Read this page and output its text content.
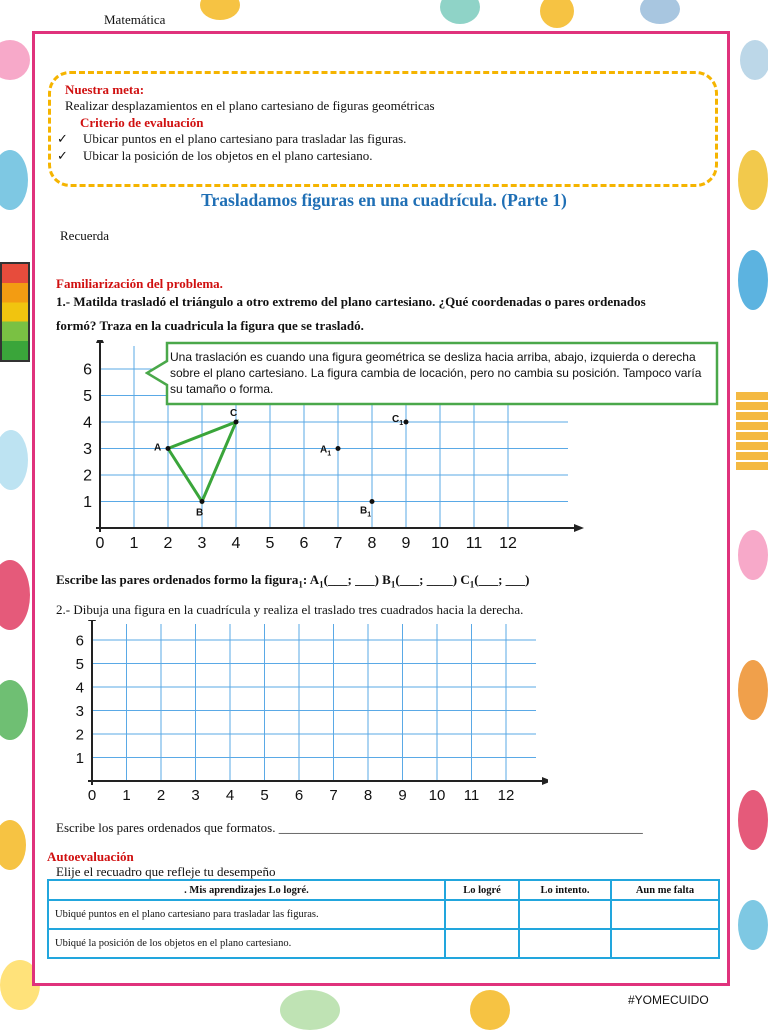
Matemática
Nuestra meta:
Realizar desplazamientos en el plano cartesiano de figuras geométricas
Criterio de evaluación
✓ Ubicar puntos en el plano cartesiano para trasladar las figuras.
✓ Ubicar la posición de los objetos en el plano cartesiano.
Trasladamos figuras en una cuadrícula. (Parte 1)
Recuerda
Familiarización del problema.
1.- Matilda trasladó el triángulo a otro extremo del plano cartesiano. ¿Qué coordenadas o pares ordenados
formó? Traza en la cuadricula la figura que se trasladó.
0 1 2 3 4 5 6 7 8 9 10 11 12
1
2
3
4
5
6
A
B
C
$A_1$
$B_1$
$C_1$
Una traslación es cuando una figura geométrica se desliza hacia arriba, abajo, izquierda o derecha sobre el plano cartesiano. La figura cambia de locación, pero no cambia su posición. Tampoco varía su tamaño o forma.
Escribe las pares ordenados formo la figura$_1$: $A_1(\_\_\_$; ___) $B_1(\_\_\_$; ____) $C_1(\_\_\_$; ___)
2.- Dibuja una figura en la cuadrícula y realiza el traslado tres cuadrados hacia la derecha.
0 1 2 3 4 5 6 7 8 9 10 11 12
1
2
3
4
5
6
Escribe los pares ordenados que formatos. ________________________________________________________
Autoevaluación
Elije el recuadro que refleje tu desempeño
. Mis aprendizajes Lo logré.	Lo logré	Lo intento.	Aun me falta
Ubiqué puntos en el plano cartesiano para trasladar las figuras.			
Ubiqué la posición de los objetos en el plano cartesiano.			
#YOMECUIDO
